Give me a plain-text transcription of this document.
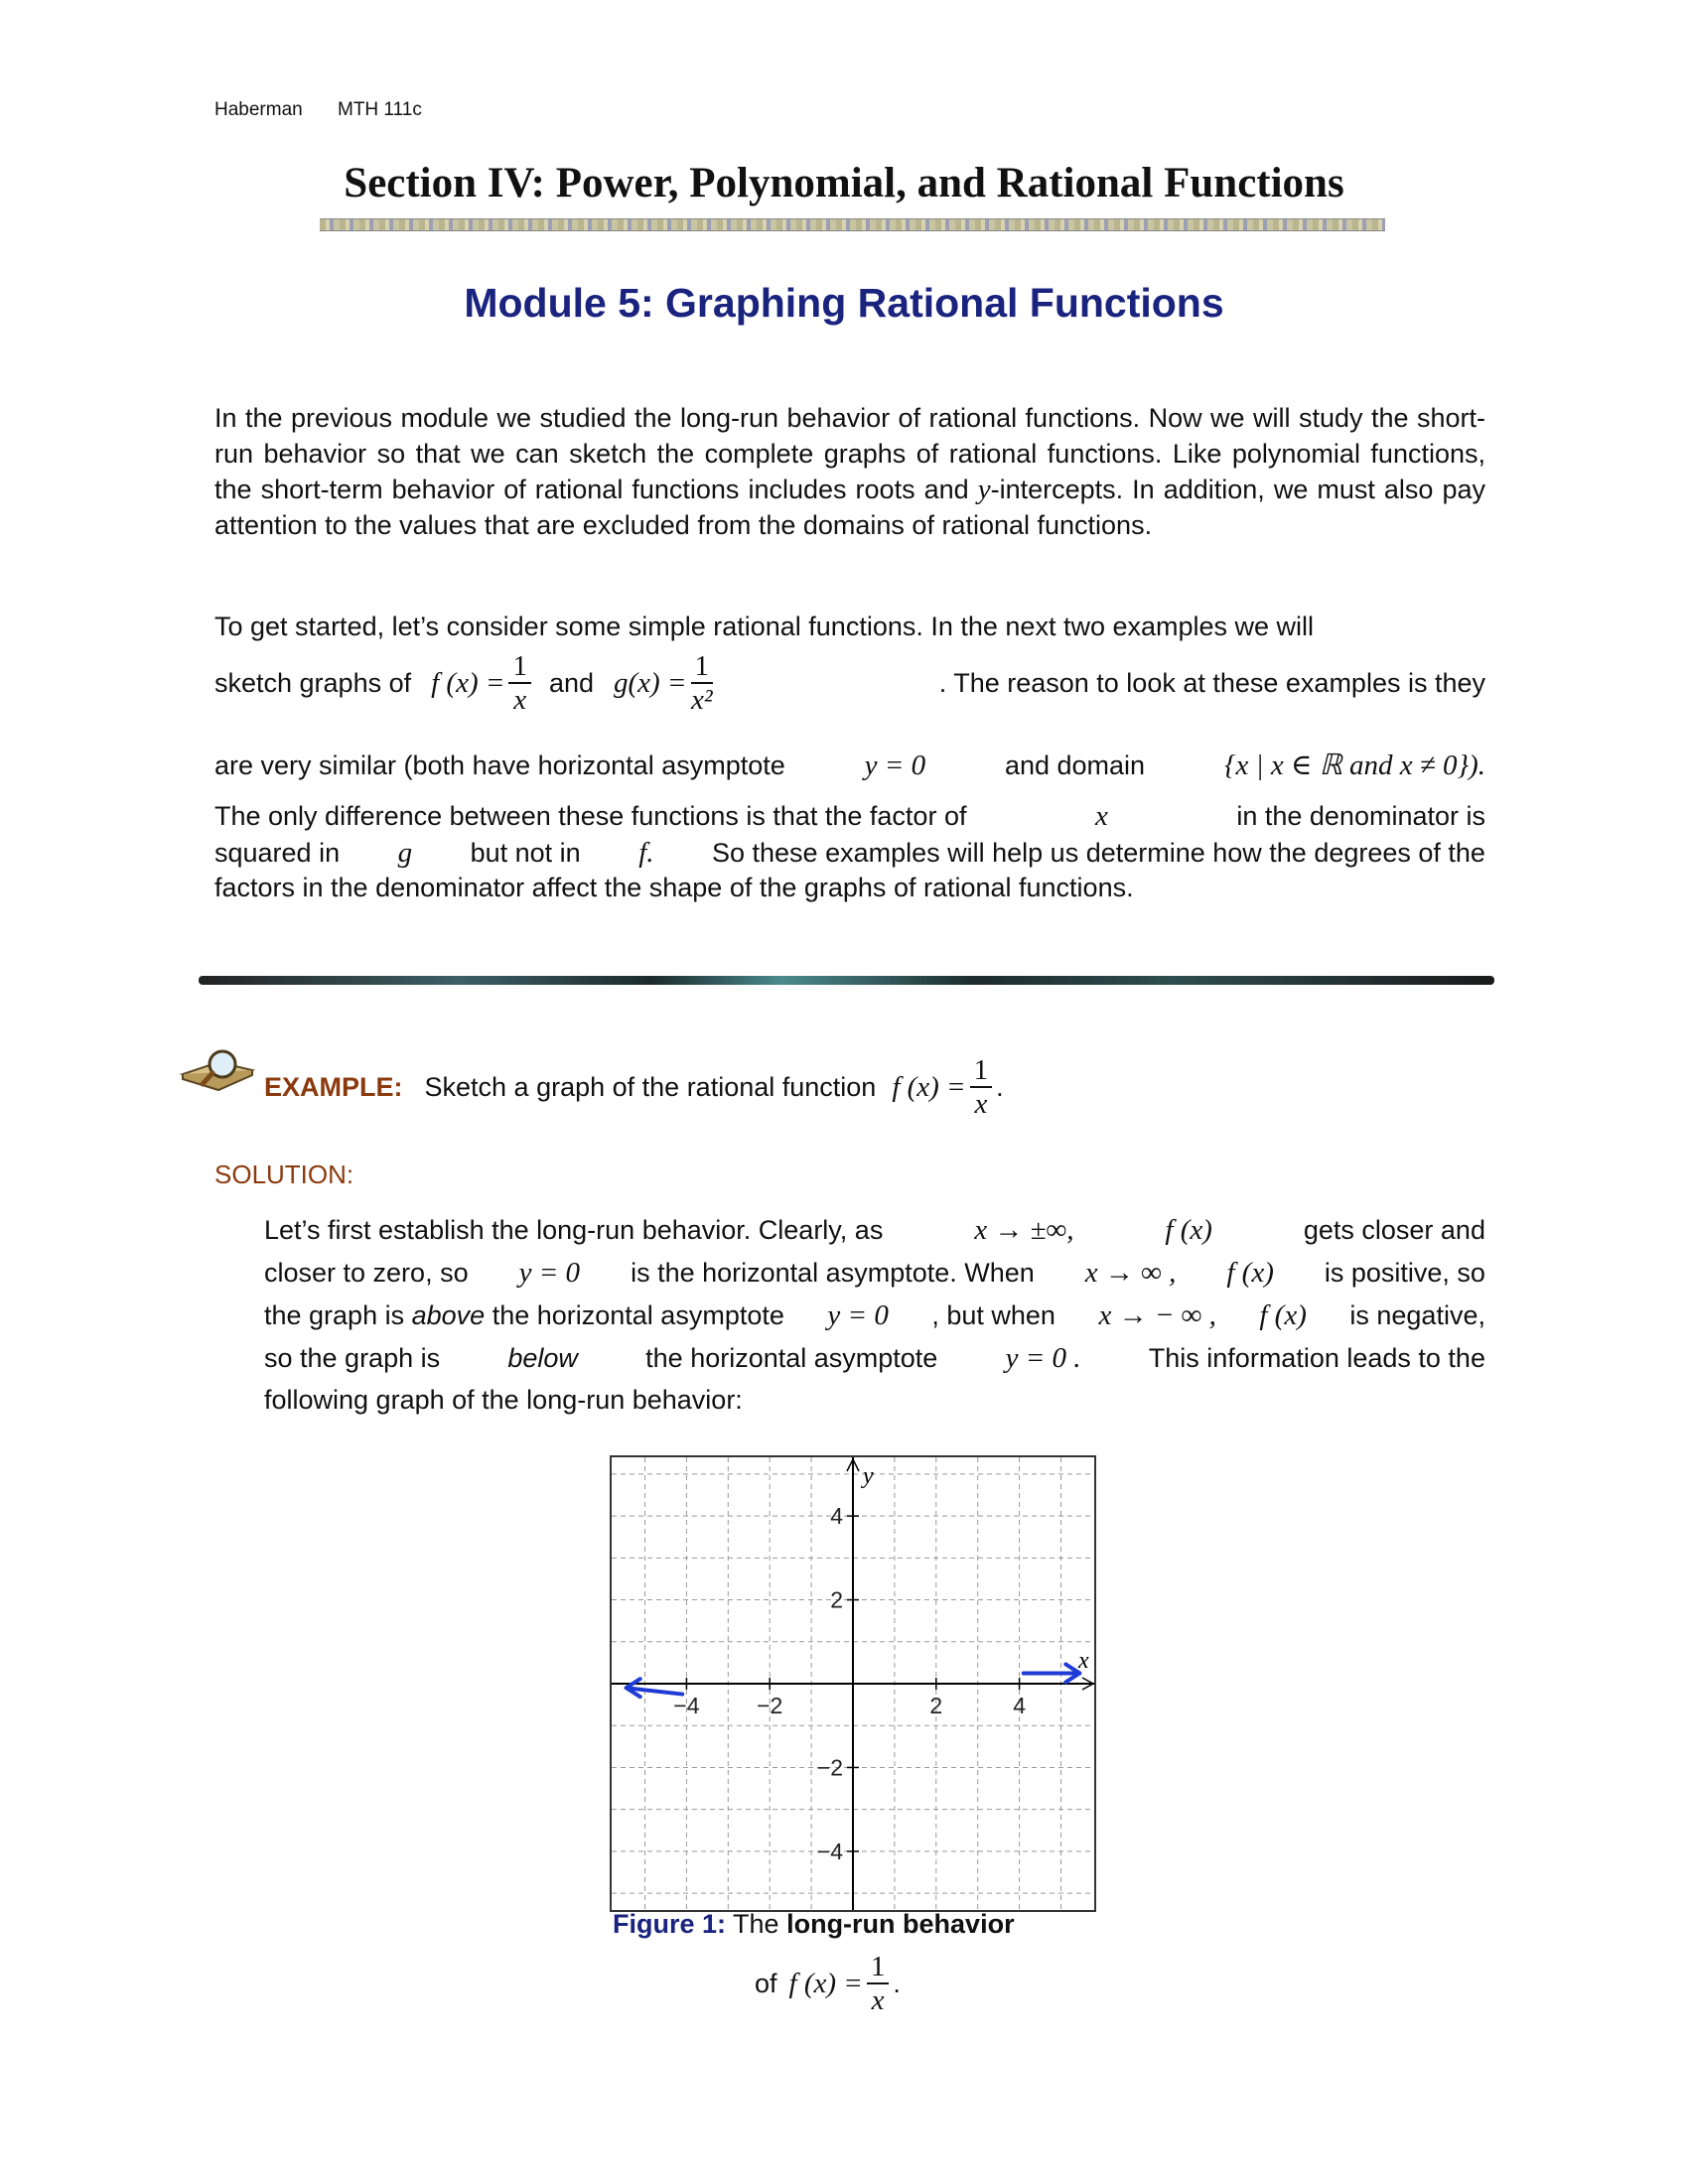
Haberman MTH 111c
Section IV: Power, Polynomial, and Rational Functions
Module 5: Graphing Rational Functions
In the previous module we studied the long-run behavior of rational functions. Now we will study the short-run behavior so that we can sketch the complete graphs of rational functions. Like polynomial functions, the short-term behavior of rational functions includes roots and y-intercepts. In addition, we must also pay attention to the values that are excluded from the domains of rational functions.
To get started, let’s consider some simple rational functions. In the next two examples we will
sketch graphs of f $(x) = \frac{1}{x}$ and $g(x) = \frac{1}{\text{x²}}$	. The reason to look at these examples is they
are very similar (both have horizontal asymptote	y = 0	and domain	{x | x ∈ ℝ and x ≠ 0}).
The only difference between these functions is that the factor of	x	in the denominator is
squared in g but not in f. So these examples will help us determine how the degrees of the
factors in the denominator affect the shape of the graphs of rational functions.
EXAMPLE: Sketch a graph of the rational function f $(x) = \frac{1}{x}$ .
SOLUTION:
Let’s first establish the long-run behavior. Clearly, as	x → ±∞,	f (x)	gets closer and
closer to zero, so y = 0 is the horizontal asymptote. When x → ∞ , f (x) is positive, so
the graph is above the horizontal asymptote y = 0 , but when x → − ∞ , f (x) is negative,
so the graph is	below	the horizontal asymptote y = 0 .	This information leads to the
following graph of the long-run behavior:
x
y
−4	−2	2	4
4
2
−2
−4
Figure 1: The long-run behavior
of f $(x) = \frac{1}{x}$ .
